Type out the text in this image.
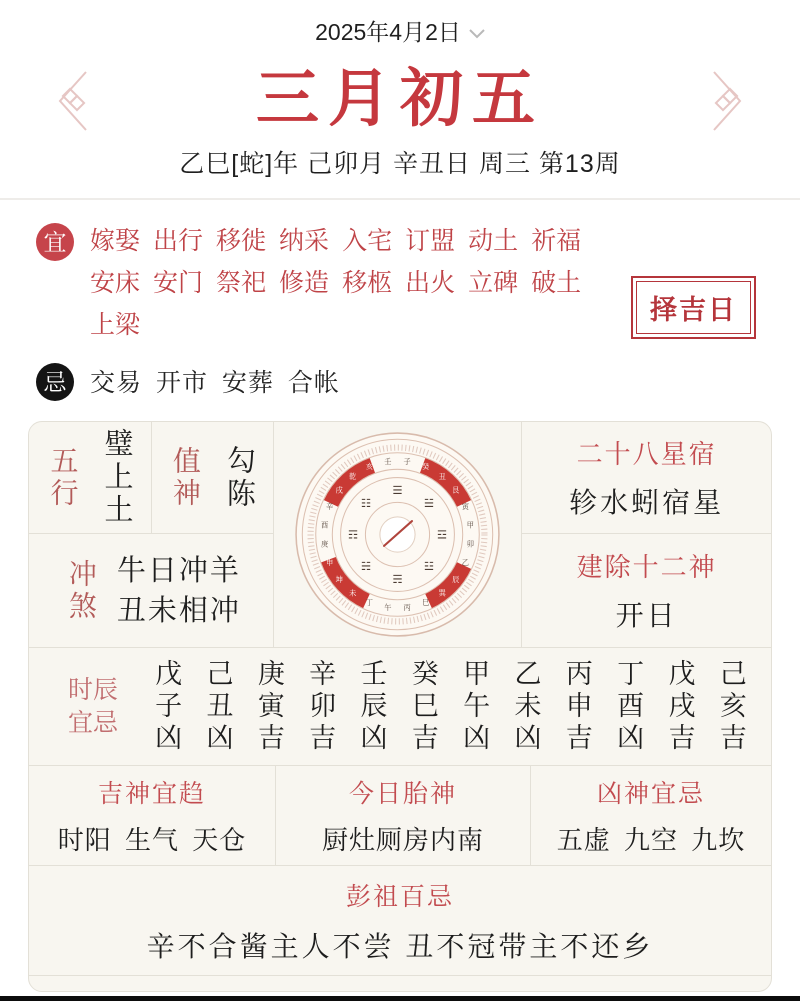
2025年4月2日
三月初五
乙巳[蛇]年 己卯月 辛丑日 周三 第13周
宜 嫁娶 出行 移徙 纳采 入宅 订盟 动土 祈福安床 安门 祭祀 修造 移柩 出火 立碑 破土上梁	择吉日
忌 交易 开市 安葬 合帐
五行 璧上土 值神 勾陈
冲煞 牛日冲羊
丑未相冲
子
癸
丑
艮
寅
甲
卯
乙
辰
巽
巳
丙
午
丁
未
坤
申
庚
酉
辛
戌
乾
亥
壬
☰
☱
☲
☳
☴
☵
☶
☷
二十八星宿
轸水蚓宿星
建除十二神
开日
时辰
宜忌	戊子凶 己丑凶 庚寅吉 辛卯吉 壬辰凶 癸巳吉 甲午凶 乙未凶 丙申吉 丁酉凶 戊戌吉 己亥吉
吉神宜趋
时阳 生气 天仓
今日胎神
厨灶厕房内南
凶神宜忌
五虚 九空 九坎
彭祖百忌
辛不合酱主人不尝 丑不冠带主不还乡
